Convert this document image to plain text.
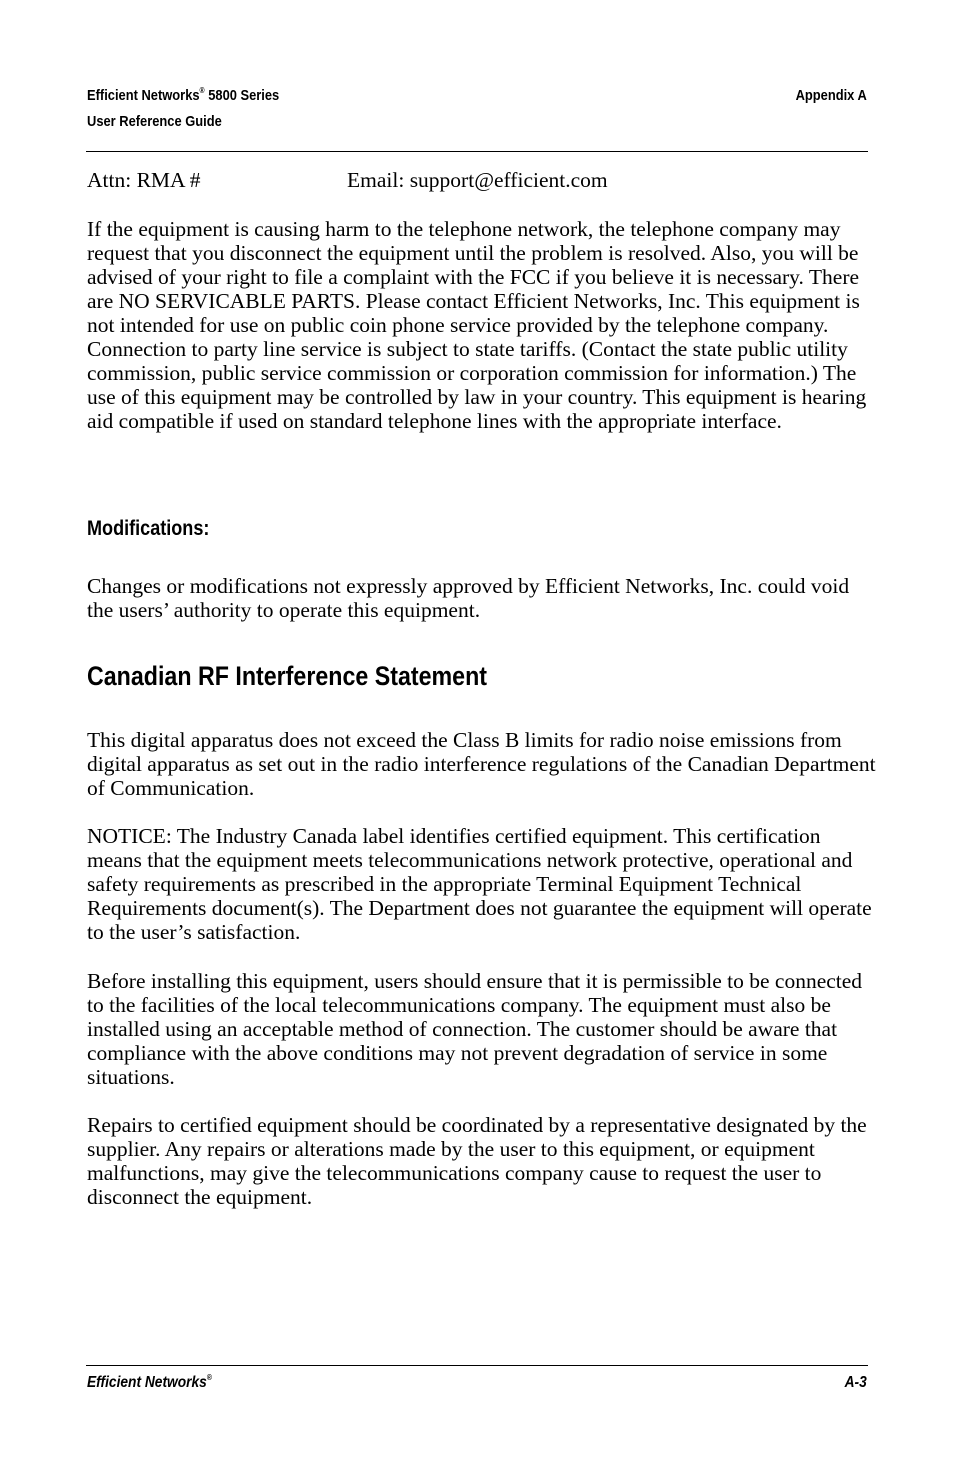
Efficient Networks® 5800 Series
User Reference Guide
Appendix A
Attn: RMA #	Email: support@efficient.com

If the equipment is causing harm to the telephone network, the telephone company may request that you disconnect the equipment until the problem is resolved. Also, you will be advised of your right to file a complaint with the FCC if you believe it is necessary. There are NO SERVICABLE PARTS. Please contact Efficient Networks, Inc. This equipment is not intended for use on public coin phone service provided by the telephone company. Connection to party line service is subject to state tariffs. (Contact the state public utility commission, public service commission or corporation commission for information.) The use of this equipment may be controlled by law in your country. This equipment is hearing aid compatible if used on standard telephone lines with the appropriate interface.

Modifications:

Changes or modifications not expressly approved by Efficient Networks, Inc. could void the users’ authority to operate this equipment.

Canadian RF Interference Statement

This digital apparatus does not exceed the Class B limits for radio noise emissions from digital apparatus as set out in the radio interference regulations of the Canadian Department of Communication.

NOTICE: The Industry Canada label identifies certified equipment. This certification means that the equipment meets telecommunications network protective, operational and safety requirements as prescribed in the appropriate Terminal Equipment Technical Requirements document(s). The Department does not guarantee the equipment will operate to the user’s satisfaction.

Before installing this equipment, users should ensure that it is permissible to be connected to the facilities of the local telecommunications company. The equipment must also be installed using an acceptable method of connection. The customer should be aware that compliance with the above conditions may not prevent degradation of service in some situations.

Repairs to certified equipment should be coordinated by a representative designated by the supplier. Any repairs or alterations made by the user to this equipment, or equipment malfunctions, may give the telecommunications company cause to request the user to disconnect the equipment.

Efficient Networks®	A-3
